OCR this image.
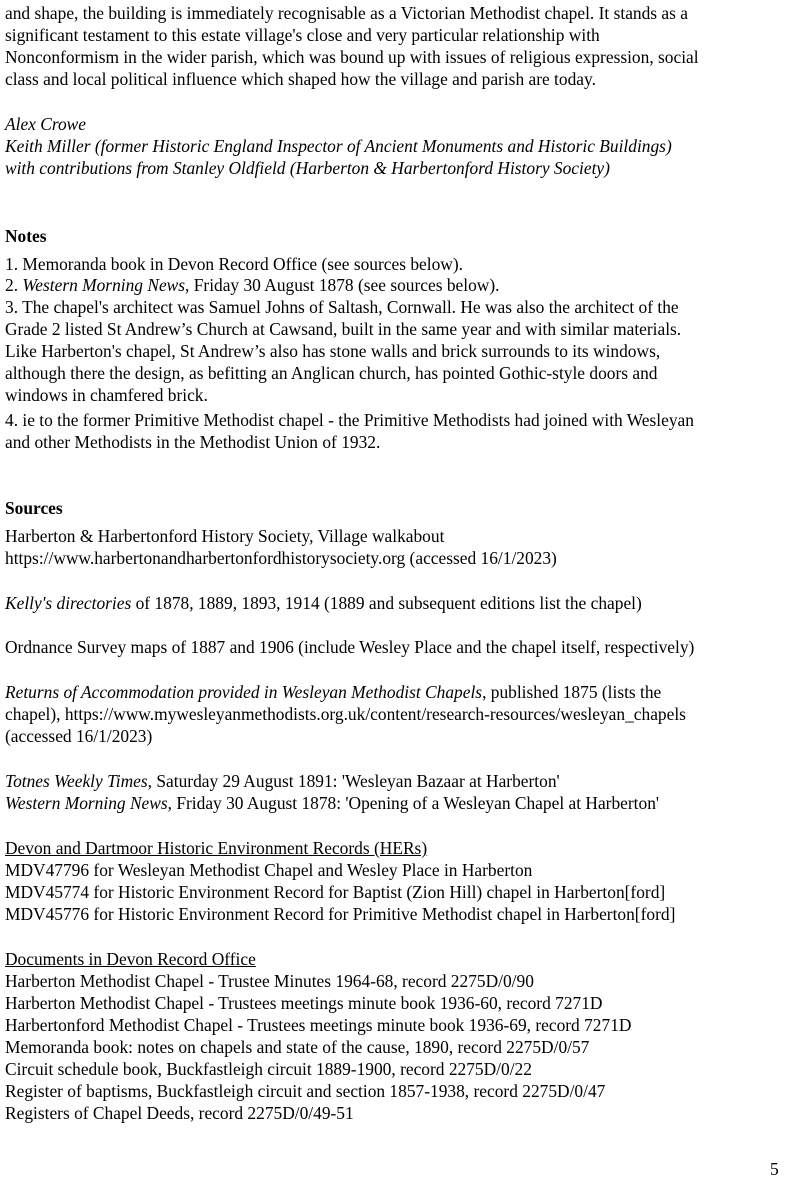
and shape, the building is immediately recognisable as a Victorian Methodist chapel. It stands as a

significant testament to this estate village's close and very particular relationship with

Nonconformism in the wider parish, which was bound up with issues of religious expression, social

class and local political influence which shaped how the village and parish are today.

Alex Crowe

Keith Miller (former Historic England Inspector of Ancient Monuments and Historic Buildings)

with contributions from Stanley Oldfield (Harberton & Harbertonford History Society)

Notes

1. Memoranda book in Devon Record Office (see sources below).

2. Western Morning News, Friday 30 August 1878 (see sources below).

3. The chapel's architect was Samuel Johns of Saltash, Cornwall. He was also the architect of the

Grade 2 listed St Andrew’s Church at Cawsand, built in the same year and with similar materials.

Like Harberton's chapel, St Andrew’s also has stone walls and brick surrounds to its windows,

although there the design, as befitting an Anglican church, has pointed Gothic-style doors and

windows in chamfered brick.

4. ie to the former Primitive Methodist chapel - the Primitive Methodists had joined with Wesleyan

and other Methodists in the Methodist Union of 1932.

Sources

Harberton & Harbertonford History Society, Village walkabout

https://www.harbertonandharbertonfordhistorysociety.org (accessed 16/1/2023)

Kelly's directories of 1878, 1889, 1893, 1914 (1889 and subsequent editions list the chapel)

Ordnance Survey maps of 1887 and 1906 (include Wesley Place and the chapel itself, respectively)

Returns of Accommodation provided in Wesleyan Methodist Chapels, published 1875 (lists the

chapel), https://www.mywesleyanmethodists.org.uk/content/research-resources/wesleyan_chapels

(accessed 16/1/2023)

Totnes Weekly Times, Saturday 29 August 1891: 'Wesleyan Bazaar at Harberton'

Western Morning News, Friday 30 August 1878: 'Opening of a Wesleyan Chapel at Harberton'

Devon and Dartmoor Historic Environment Records (HERs)

MDV47796 for Wesleyan Methodist Chapel and Wesley Place in Harberton

MDV45774 for Historic Environment Record for Baptist (Zion Hill) chapel in Harberton[ford]

MDV45776 for Historic Environment Record for Primitive Methodist chapel in Harberton[ford]

Documents in Devon Record Office

Harberton Methodist Chapel - Trustee Minutes 1964-68, record 2275D/0/90

Harberton Methodist Chapel - Trustees meetings minute book 1936-60, record 7271D

Harbertonford Methodist Chapel - Trustees meetings minute book 1936-69, record 7271D

Memoranda book: notes on chapels and state of the cause, 1890, record 2275D/0/57

Circuit schedule book, Buckfastleigh circuit 1889-1900, record 2275D/0/22

Register of baptisms, Buckfastleigh circuit and section 1857-1938, record 2275D/0/47

Registers of Chapel Deeds, record 2275D/0/49-51

5
